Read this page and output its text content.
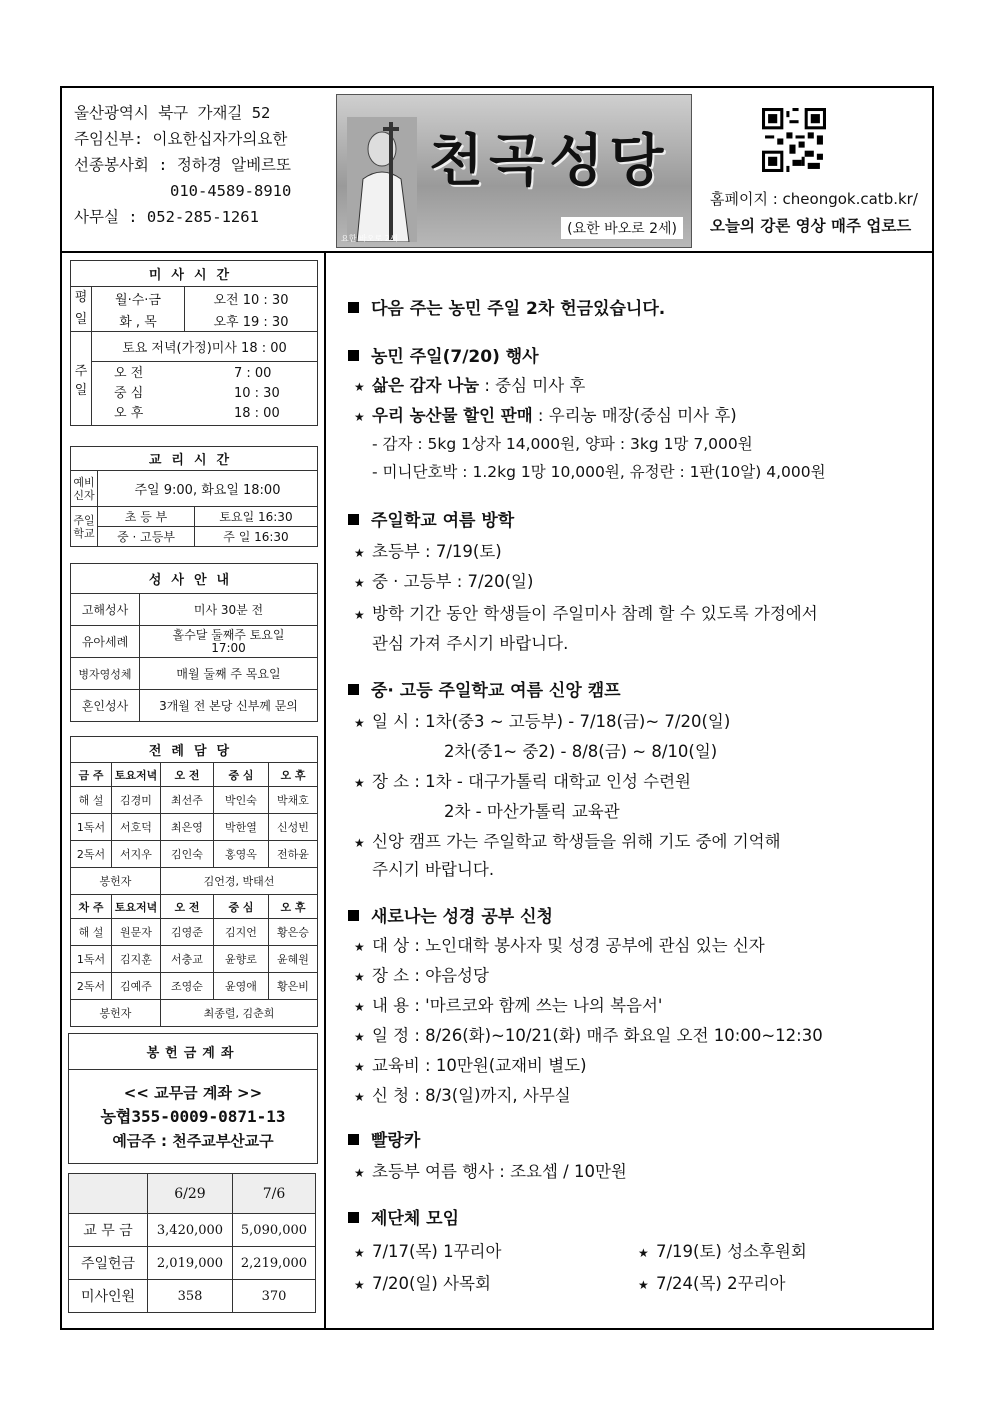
울산광역시 북구 가재길 52
주임신부: 이요한십자가의요한
선종봉사회 : 정하경 알베르또
010-4589-8910
사무실 : 052-285-1261
천곡성당
(요한 바오로 2세)
요한 바오로 2세
홈페이지 : cheongok.catb.kr/
오늘의 강론 영상 매주 업로드
미사시간		
평일	월·수·금	오전 10 : 30
	화 , 목	오후 19 : 30
주일	토요 저녁(가정)미사 18 : 00	

	오 전 7 : 00
중 심 10 : 30
오 후 18 : 00	
교리시간		
예비신자	주일 9:00, 화요일 18:00	
주일학교	초 등 부	토요일 16:30
	중 · 고등부	주 일 16:30
성사안내	
고해성사	미사 30분 전
유아세례	홀수달 둘째주 토요일 17:00
병자영성체	매월 둘째 주 목요일
혼인성사	3개월 전 본당 신부께 문의
전례담당				
금 주	토요저녁	오 전	중 심	오 후
해 설	김경미	최선주	박인숙	박채호
1독서	서호덕	최은영	박한열	신성빈
2독서	서지우	김인숙	홍영옥	전하윤
봉헌자		김언경, 박태선		
차 주	토요저녁	오 전	중 심	오 후
해 설	원문자	김영준	김지언	황은승
1독서	김지훈	서충교	윤향로	윤혜원
2독서	김예주	조영순	윤영애	황은비
봉헌자		최종렬, 김춘희		
봉헌금계좌

<< 교무금 계좌 >>
농협355-0009-0871-13
예금주 : 천주교부산교구
	6/29	7/6
교 무 금	3,420,000	5,090,000
주일헌금	2,019,000	2,219,000
미사인원	358	370
다음 주는 농민 주일 2차 헌금있습니다.
농민 주일(7/20) 행사
★ 삶은 감자 나눔 : 중심 미사 후
★ 우리 농산물 할인 판매 : 우리농 매장(중심 미사 후)
- 감자 : 5kg 1상자 14,000원, 양파 : 3kg 1망 7,000원
- 미니단호박 : 1.2kg 1망 10,000원, 유정란 : 1판(10알) 4,000원
주일학교 여름 방학
★ 초등부 : 7/19(토)
★ 중 · 고등부 : 7/20(일)
★ 방학 기간 동안 학생들이 주일미사 참례 할 수 있도록 가정에서
관심 가져 주시기 바랍니다.
중· 고등 주일학교 여름 신앙 캠프
★ 일 시 : 1차(중3 ~ 고등부) - 7/18(금)~ 7/20(일)
2차(중1~ 중2) - 8/8(금) ~ 8/10(일)
★ 장 소 : 1차 - 대구가톨릭 대학교 인성 수련원
2차 - 마산가톨릭 교육관
★ 신앙 캠프 가는 주일학교 학생들을 위해 기도 중에 기억해
주시기 바랍니다.
새로나는 성경 공부 신청
★ 대 상 : 노인대학 봉사자 및 성경 공부에 관심 있는 신자
★ 장 소 : 야음성당
★ 내 용 : '마르코와 함께 쓰는 나의 복음서'
★ 일 정 : 8/26(화)~10/21(화) 매주 화요일 오전 10:00~12:30
★ 교육비 : 10만원(교재비 별도)
★ 신 청 : 8/3(일)까지, 사무실
빨랑카
★ 초등부 여름 행사 : 조요셉 / 10만원
제단체 모임
★ 7/17(목) 1꾸리아	★ 7/19(토) 성소후원회
★ 7/20(일) 사목회	★ 7/24(목) 2꾸리아
